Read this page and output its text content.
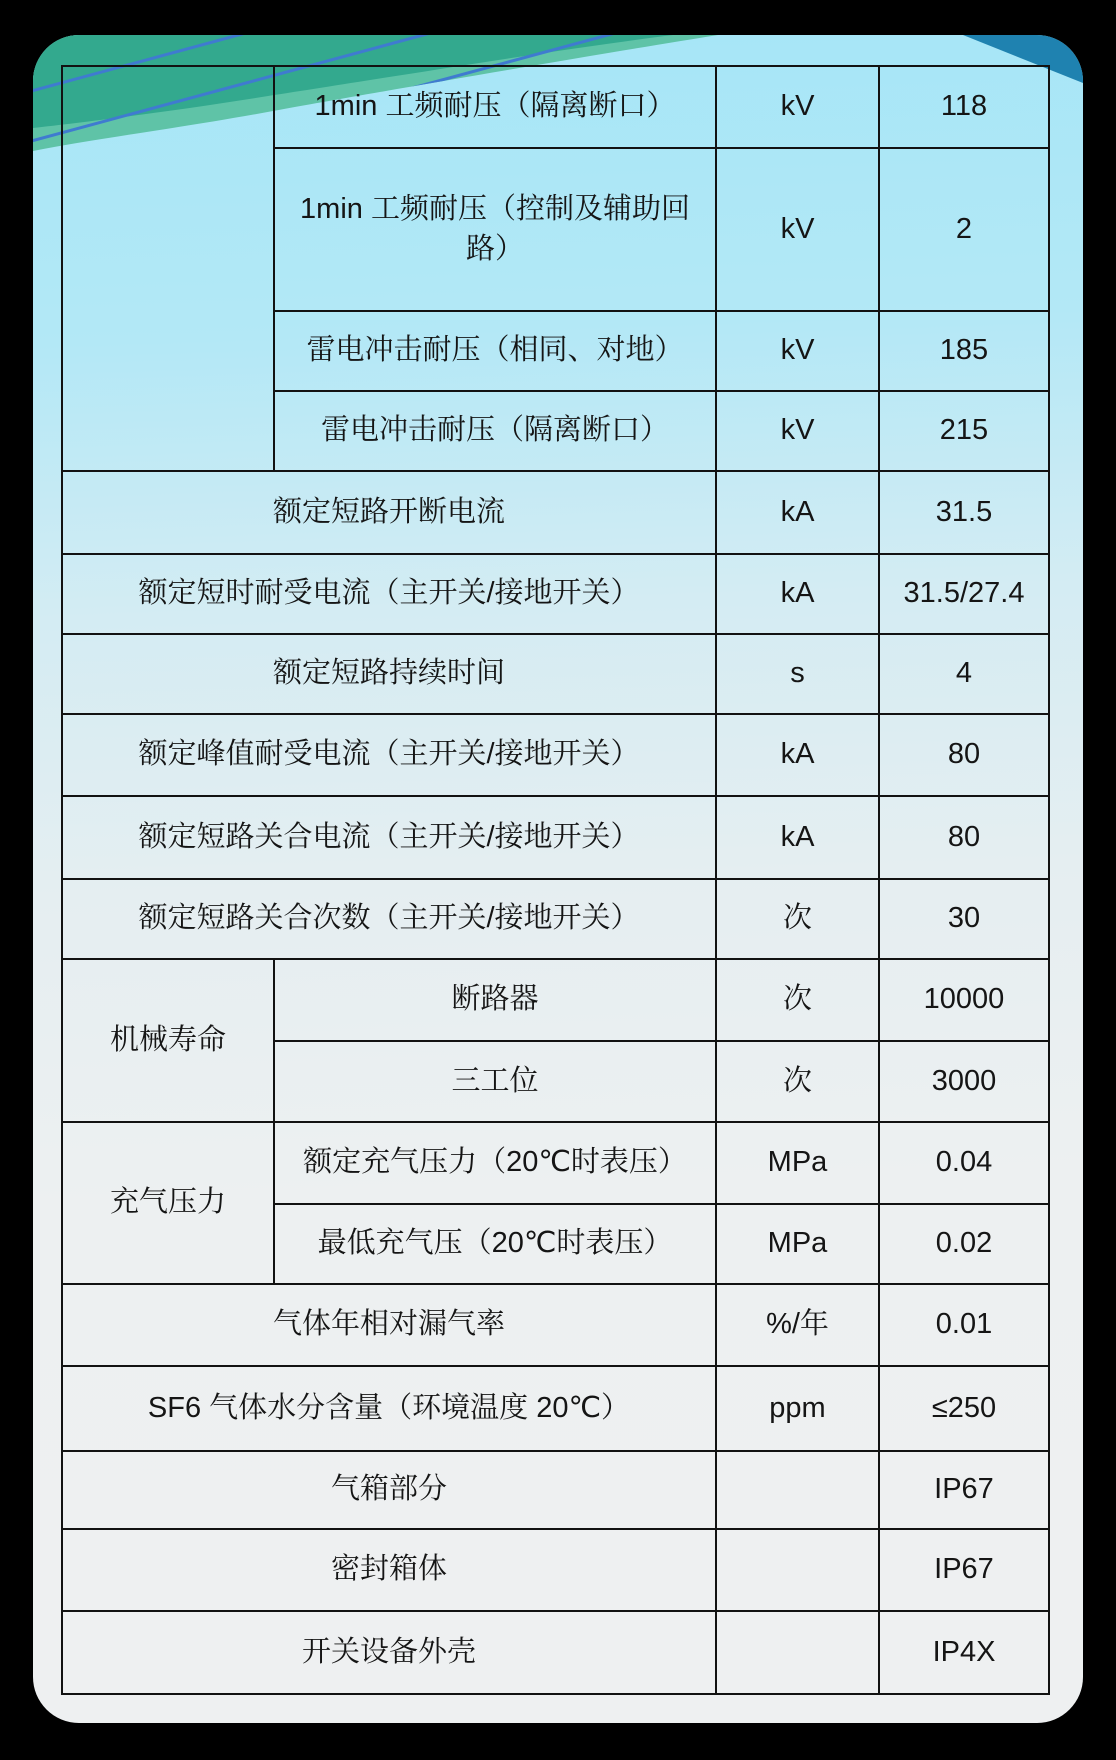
	1min 工频耐压（隔离断口）	kV	118
	1min 工频耐压（控制及辅助回路）	kV	2
	雷电冲击耐压（相同、对地）	kV	185
	雷电冲击耐压（隔离断口）	kV	215
额定短路开断电流		kA	31.5
额定短时耐受电流（主开关/接地开关）		kA	31.5/27.4
额定短路持续时间		s	4
额定峰值耐受电流（主开关/接地开关）		kA	80
额定短路关合电流（主开关/接地开关）		kA	80
额定短路关合次数（主开关/接地开关）		次	30
机械寿命	断路器	次	10000
	三工位	次	3000
充气压力	额定充气压力（20℃时表压）	MPa	0.04
	最低充气压（20℃时表压）	MPa	0.02
气体年相对漏气率		%/年	0.01
SF6 气体水分含量（环境温度 20℃）		ppm	≤250
气箱部分			IP67
密封箱体			IP67
开关设备外壳			IP4X
